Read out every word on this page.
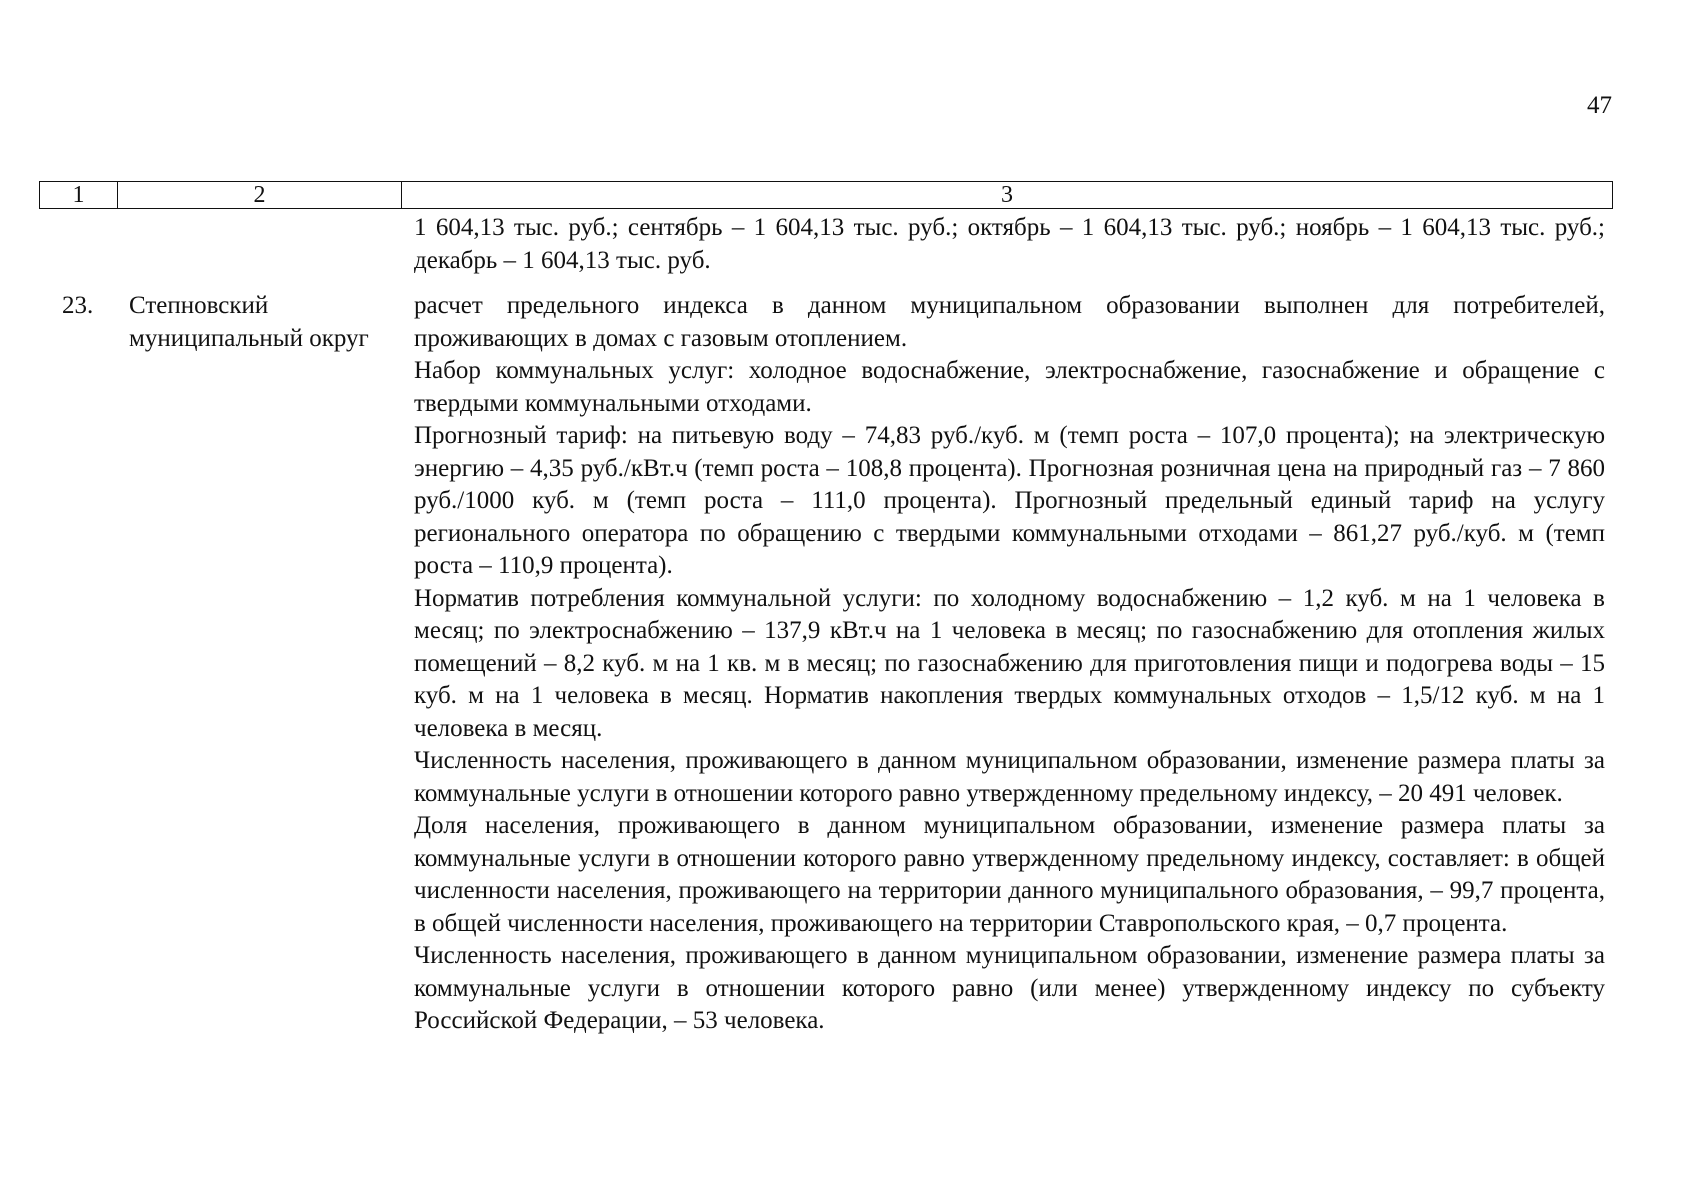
47
1	2	3

1 604,13 тыс. руб.; сентябрь – 1 604,13 тыс. руб.; октябрь – 1 604,13 тыс. руб.; ноябрь – 1 604,13 тыс. руб.; декабрь – 1 604,13 тыс. руб.

23. Степновский муниципальный округ

расчет предельного индекса в данном муниципальном образовании выполнен для потребителей, проживающих в домах с газовым отоплением.

Набор коммунальных услуг: холодное водоснабжение, электроснабжение, газоснабжение и обращение с твердыми коммунальными отходами.

Прогнозный тариф: на питьевую воду – 74,83 руб./куб. м (темп роста – 107,0 процента); на электрическую энергию – 4,35 руб./кВт.ч (темп роста – 108,8 процента). Прогнозная розничная цена на природный газ – 7 860 руб./1000 куб. м (темп роста – 111,0 процента). Прогнозный предельный единый тариф на услугу регионального оператора по обращению с твердыми коммунальными отходами – 861,27 руб./куб. м (темп роста – 110,9 процента).

Норматив потребления коммунальной услуги: по холодному водоснабжению – 1,2 куб. м на 1 человека в месяц; по электроснабжению – 137,9 кВт.ч на 1 человека в месяц; по газоснабжению для отопления жилых помещений – 8,2 куб. м на 1 кв. м в месяц; по газоснабжению для приготовления пищи и подогрева воды – 15 куб. м на 1 человека в месяц. Норматив накопления твердых коммунальных отходов – 1,5/12 куб. м на 1 человека в месяц.

Численность населения, проживающего в данном муниципальном образовании, изменение размера платы за коммунальные услуги в отношении которого равно утвержденному предельному индексу, – 20 491 человек.

Доля населения, проживающего в данном муниципальном образовании, изменение размера платы за коммунальные услуги в отношении которого равно утвержденному предельному индексу, составляет: в общей численности населения, проживающего на территории данного муниципального образования, – 99,7 процента, в общей численности населения, проживающего на территории Ставропольского края, – 0,7 процента.

Численность населения, проживающего в данном муниципальном образовании, изменение размера платы за коммунальные услуги в отношении которого равно (или менее) утвержденному индексу по субъекту Российской Федерации, – 53 человека.
